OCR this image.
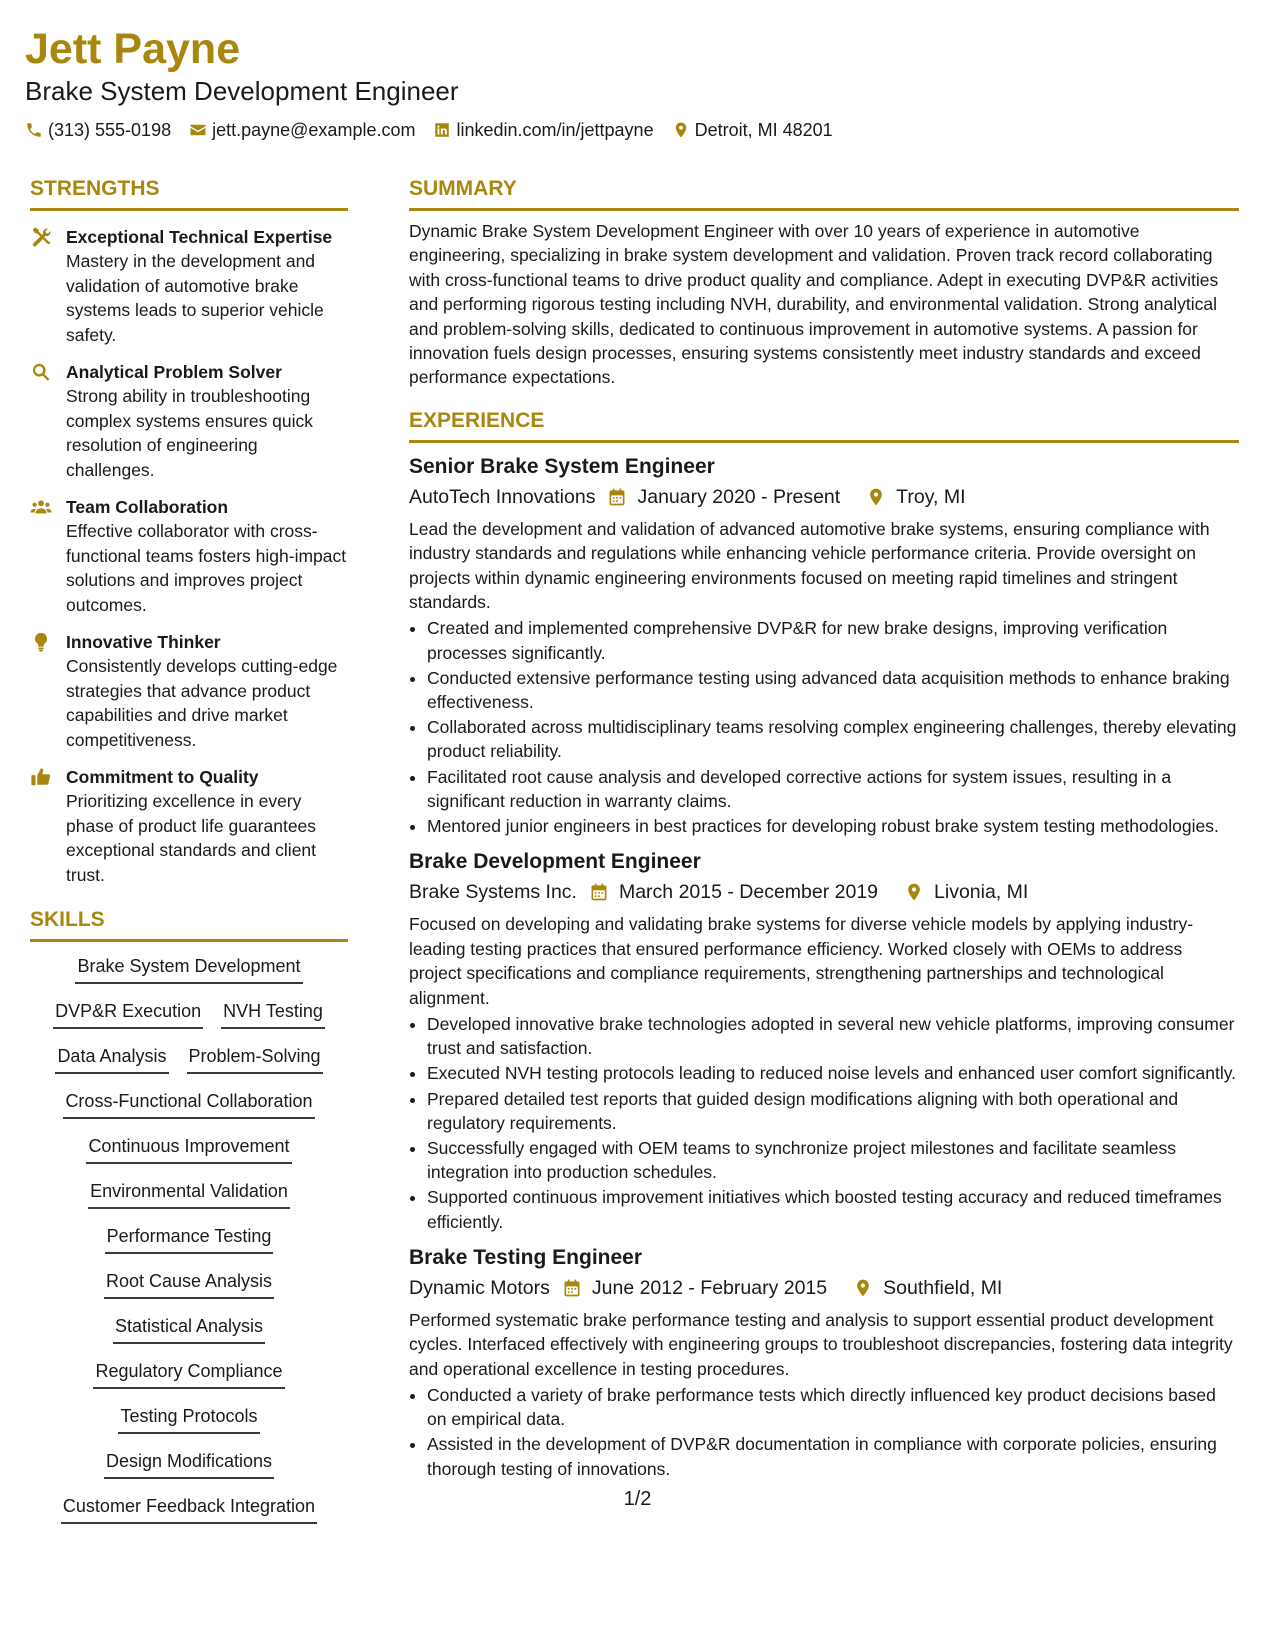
Jett Payne
Brake System Development Engineer
(313) 555-0198 jett.payne@example.com linkedin.com/in/jettpayne Detroit, MI 48201
STRENGTHS
Exceptional Technical Expertise
Mastery in the development and validation of automotive brake systems leads to superior vehicle safety.
Analytical Problem Solver
Strong ability in troubleshooting complex systems ensures quick resolution of engineering challenges.
Team Collaboration
Effective collaborator with cross-functional teams fosters high-impact solutions and improves project outcomes.
Innovative Thinker
Consistently develops cutting-edge strategies that advance product capabilities and drive market competitiveness.
Commitment to Quality
Prioritizing excellence in every phase of product life guarantees exceptional standards and client trust.
SKILLS
Brake System Development
DVP&R Execution NVH Testing
Data Analysis Problem-Solving
Cross-Functional Collaboration
Continuous Improvement
Environmental Validation
Performance Testing
Root Cause Analysis
Statistical Analysis
Regulatory Compliance
Testing Protocols
Design Modifications
Customer Feedback Integration
SUMMARY

Dynamic Brake System Development Engineer with over 10 years of experience in automotive engineering, specializing in brake system development and validation. Proven track record collaborating with cross-functional teams to drive product quality and compliance. Adept in executing DVP&R activities and performing rigorous testing including NVH, durability, and environmental validation. Strong analytical and problem-solving skills, dedicated to continuous improvement in automotive systems. A passion for innovation fuels design processes, ensuring systems consistently meet industry standards and exceed performance expectations.

EXPERIENCE
Senior Brake System Engineer
AutoTech Innovations January 2020 - Present	Troy, MI
Lead the development and validation of advanced automotive brake systems, ensuring compliance with industry standards and regulations while enhancing vehicle performance criteria. Provide oversight on projects within dynamic engineering environments focused on meeting rapid timelines and stringent standards.
• Created and implemented comprehensive DVP&R for new brake designs, improving verification processes significantly.
• Conducted extensive performance testing using advanced data acquisition methods to enhance braking effectiveness.
• Collaborated across multidisciplinary teams resolving complex engineering challenges, thereby elevating product reliability.
• Facilitated root cause analysis and developed corrective actions for system issues, resulting in a significant reduction in warranty claims.
• Mentored junior engineers in best practices for developing robust brake system testing methodologies.
Brake Development Engineer
Brake Systems Inc. March 2015 - December 2019	Livonia, MI
Focused on developing and validating brake systems for diverse vehicle models by applying industry-leading testing practices that ensured performance efficiency. Worked closely with OEMs to address project specifications and compliance requirements, strengthening partnerships and technological alignment.
• Developed innovative brake technologies adopted in several new vehicle platforms, improving consumer trust and satisfaction.
• Executed NVH testing protocols leading to reduced noise levels and enhanced user comfort significantly.
• Prepared detailed test reports that guided design modifications aligning with both operational and regulatory requirements.
• Successfully engaged with OEM teams to synchronize project milestones and facilitate seamless integration into production schedules.
• Supported continuous improvement initiatives which boosted testing accuracy and reduced timeframes efficiently.
Brake Testing Engineer
Dynamic Motors June 2012 - February 2015	Southfield, MI
Performed systematic brake performance testing and analysis to support essential product development cycles. Interfaced effectively with engineering groups to troubleshoot discrepancies, fostering data integrity and operational excellence in testing procedures.
• Conducted a variety of brake performance tests which directly influenced key product decisions based on empirical data.
• Assisted in the development of DVP&R documentation in compliance with corporate policies, ensuring thorough testing of innovations.
1/2
